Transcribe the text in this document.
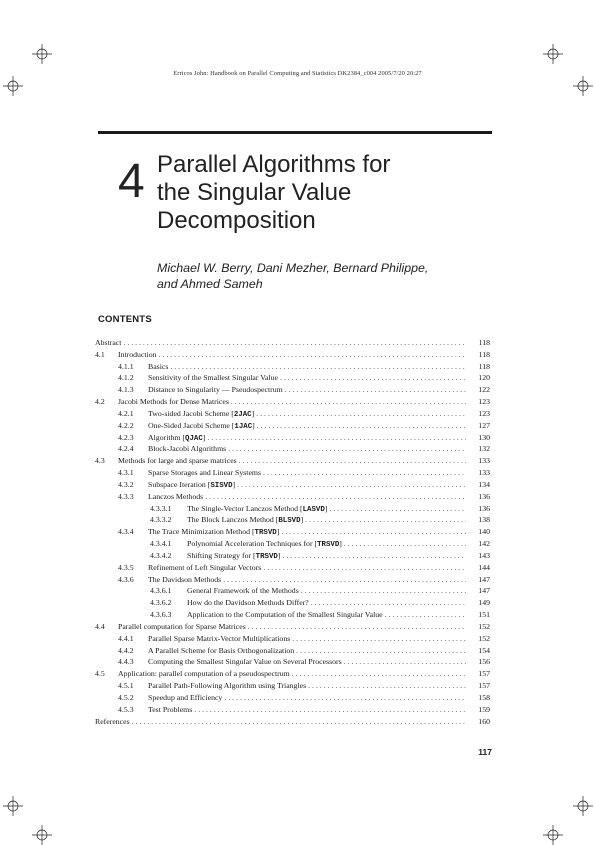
Erricos John: Handbook on Parallel Computing and Statistics DK2384_c004 2005/7/20 20:27
4 Parallel Algorithms for
the Singular Value
Decomposition
Michael W. Berry, Dani Mezher, Bernard Philippe,
and Ahmed Sameh
CONTENTS
Abstract . . .	118
4.1 Introduction . . .	118
4.1.1 Basics . . .	118
4.1.2 Sensitivity of the Smallest Singular Value . . .	120
4.1.3 Distance to Singularity — Pseudospectrum . . .	122
4.2 Jacobi Methods for Dense Matrices . . .	123
4.2.1 Two-sided Jacobi Scheme [2JAC] . . .	123
4.2.2 One-Sided Jacobi Scheme [1JAC] . . .	127
4.2.3 Algorithm [QJAC] . . .	130
4.2.4 Block-Jacobi Algorithms . . .	132
4.3 Methods for large and sparse matrices . . .	133
4.3.1 Sparse Storages and Linear Systems . . .	133
4.3.2 Subspace Iteration [SISVD] . . .	134
4.3.3 Lanczos Methods . . .	136
4.3.3.1 The Single-Vector Lanczos Method [LASVD] . . .	136
4.3.3.2 The Block Lanczos Method [BLSVD] . . .	138
4.3.4 The Trace Minimization Method [TRSVD] . . .	140
4.3.4.1 Polynomial Acceleration Techniques for [TRSVD] . . .	142
4.3.4.2 Shifting Strategy for [TRSVD] . . .	143
4.3.5 Refinement of Left Singular Vectors . . .	144
4.3.6 The Davidson Methods . . .	147
4.3.6.1 General Framework of the Methods . . .	147
4.3.6.2 How do the Davidson Methods Differ? . . .	149
4.3.6.3 Application to the Computation of the Smallest Singular Value . . .	151
4.4 Parallel computation for Sparse Matrices . . .	152
4.4.1 Parallel Sparse Matrix-Vector Multiplications . . .	152
4.4.2 A Parallel Scheme for Basis Orthogonalization . . .	154
4.4.3 Computing the Smallest Singular Value on Several Processors . . .	156
4.5 Application: parallel computation of a pseudospectrum . . .	157
4.5.1 Parallel Path-Following Algorithm using Triangles . . .	157
4.5.2 Speedup and Efficiency . . .	158
4.5.3 Test Problems . . .	159
References . . .	160
117
